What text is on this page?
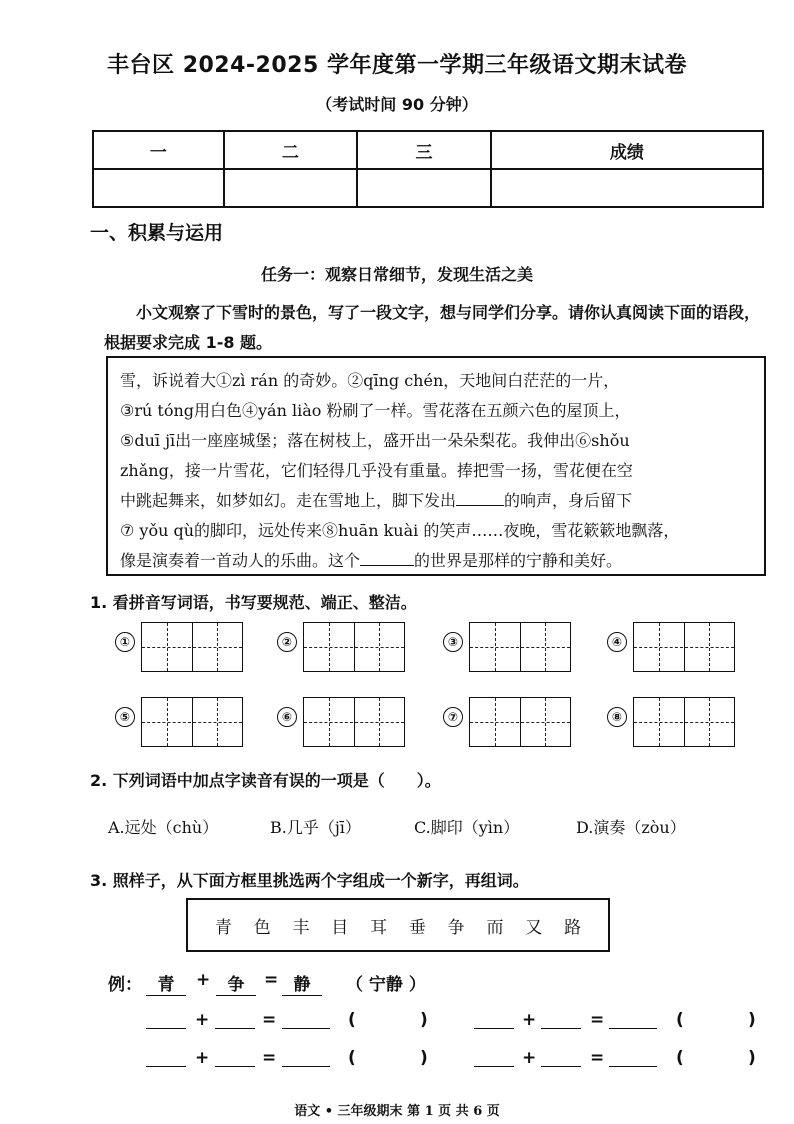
丰台区 2024-2025 学年度第一学期三年级语文期末试卷
（考试时间 90 分钟）
一	二	三	成绩

一、积累与运用
任务一：观察日常细节，发现生活之美
小文观察了下雪时的景色，写了一段文字，想与同学们分享。请你认真阅读下面的语段，根据要求完成 1-8 题。
雪，诉说着大①zì rán 的奇妙。②qīng chén，天地间白茫茫的一片，
③rú tóng用白色④yán liào 粉刷了一样。雪花落在五颜六色的屋顶上，
⑤duī jī出一座座城堡；落在树枝上，盛开出一朵朵梨花。我伸出⑥shǒu
zhǎng，接一片雪花，它们轻得几乎没有重量。捧把雪一扬，雪花便在空
中跳起舞来，如梦如幻。走在雪地上，脚下发出	的响声，身后留下
⑦ yǒu qù的脚印，远处传来⑧huān kuài 的笑声……夜晚，雪花簌簌地飘落，
像是演奏着一首动人的乐曲。这个	的世界是那样的宁静和美好。
1. 看拼音写词语，书写要规范、端正、整洁。
①	②	③	④
⑤	⑥	⑦	⑧
2. 下列词语中加点字读音有误的一项是（　　）。
A.远处（chù）	B.几乎（jī）	C.脚印（yìn）	D.演奏（zòu）
3. 照样子，从下面方框里挑选两个字组成一个新字，再组词。
青 色 丰 目 耳 垂 争 而 又 路
例： 青	+	争	= 静	（ 宁静 ）
+	=	(	)
+	=	(	)
+	=	(	)
+	=	(	)
语文 • 三年级期末 第 1 页 共 6 页
